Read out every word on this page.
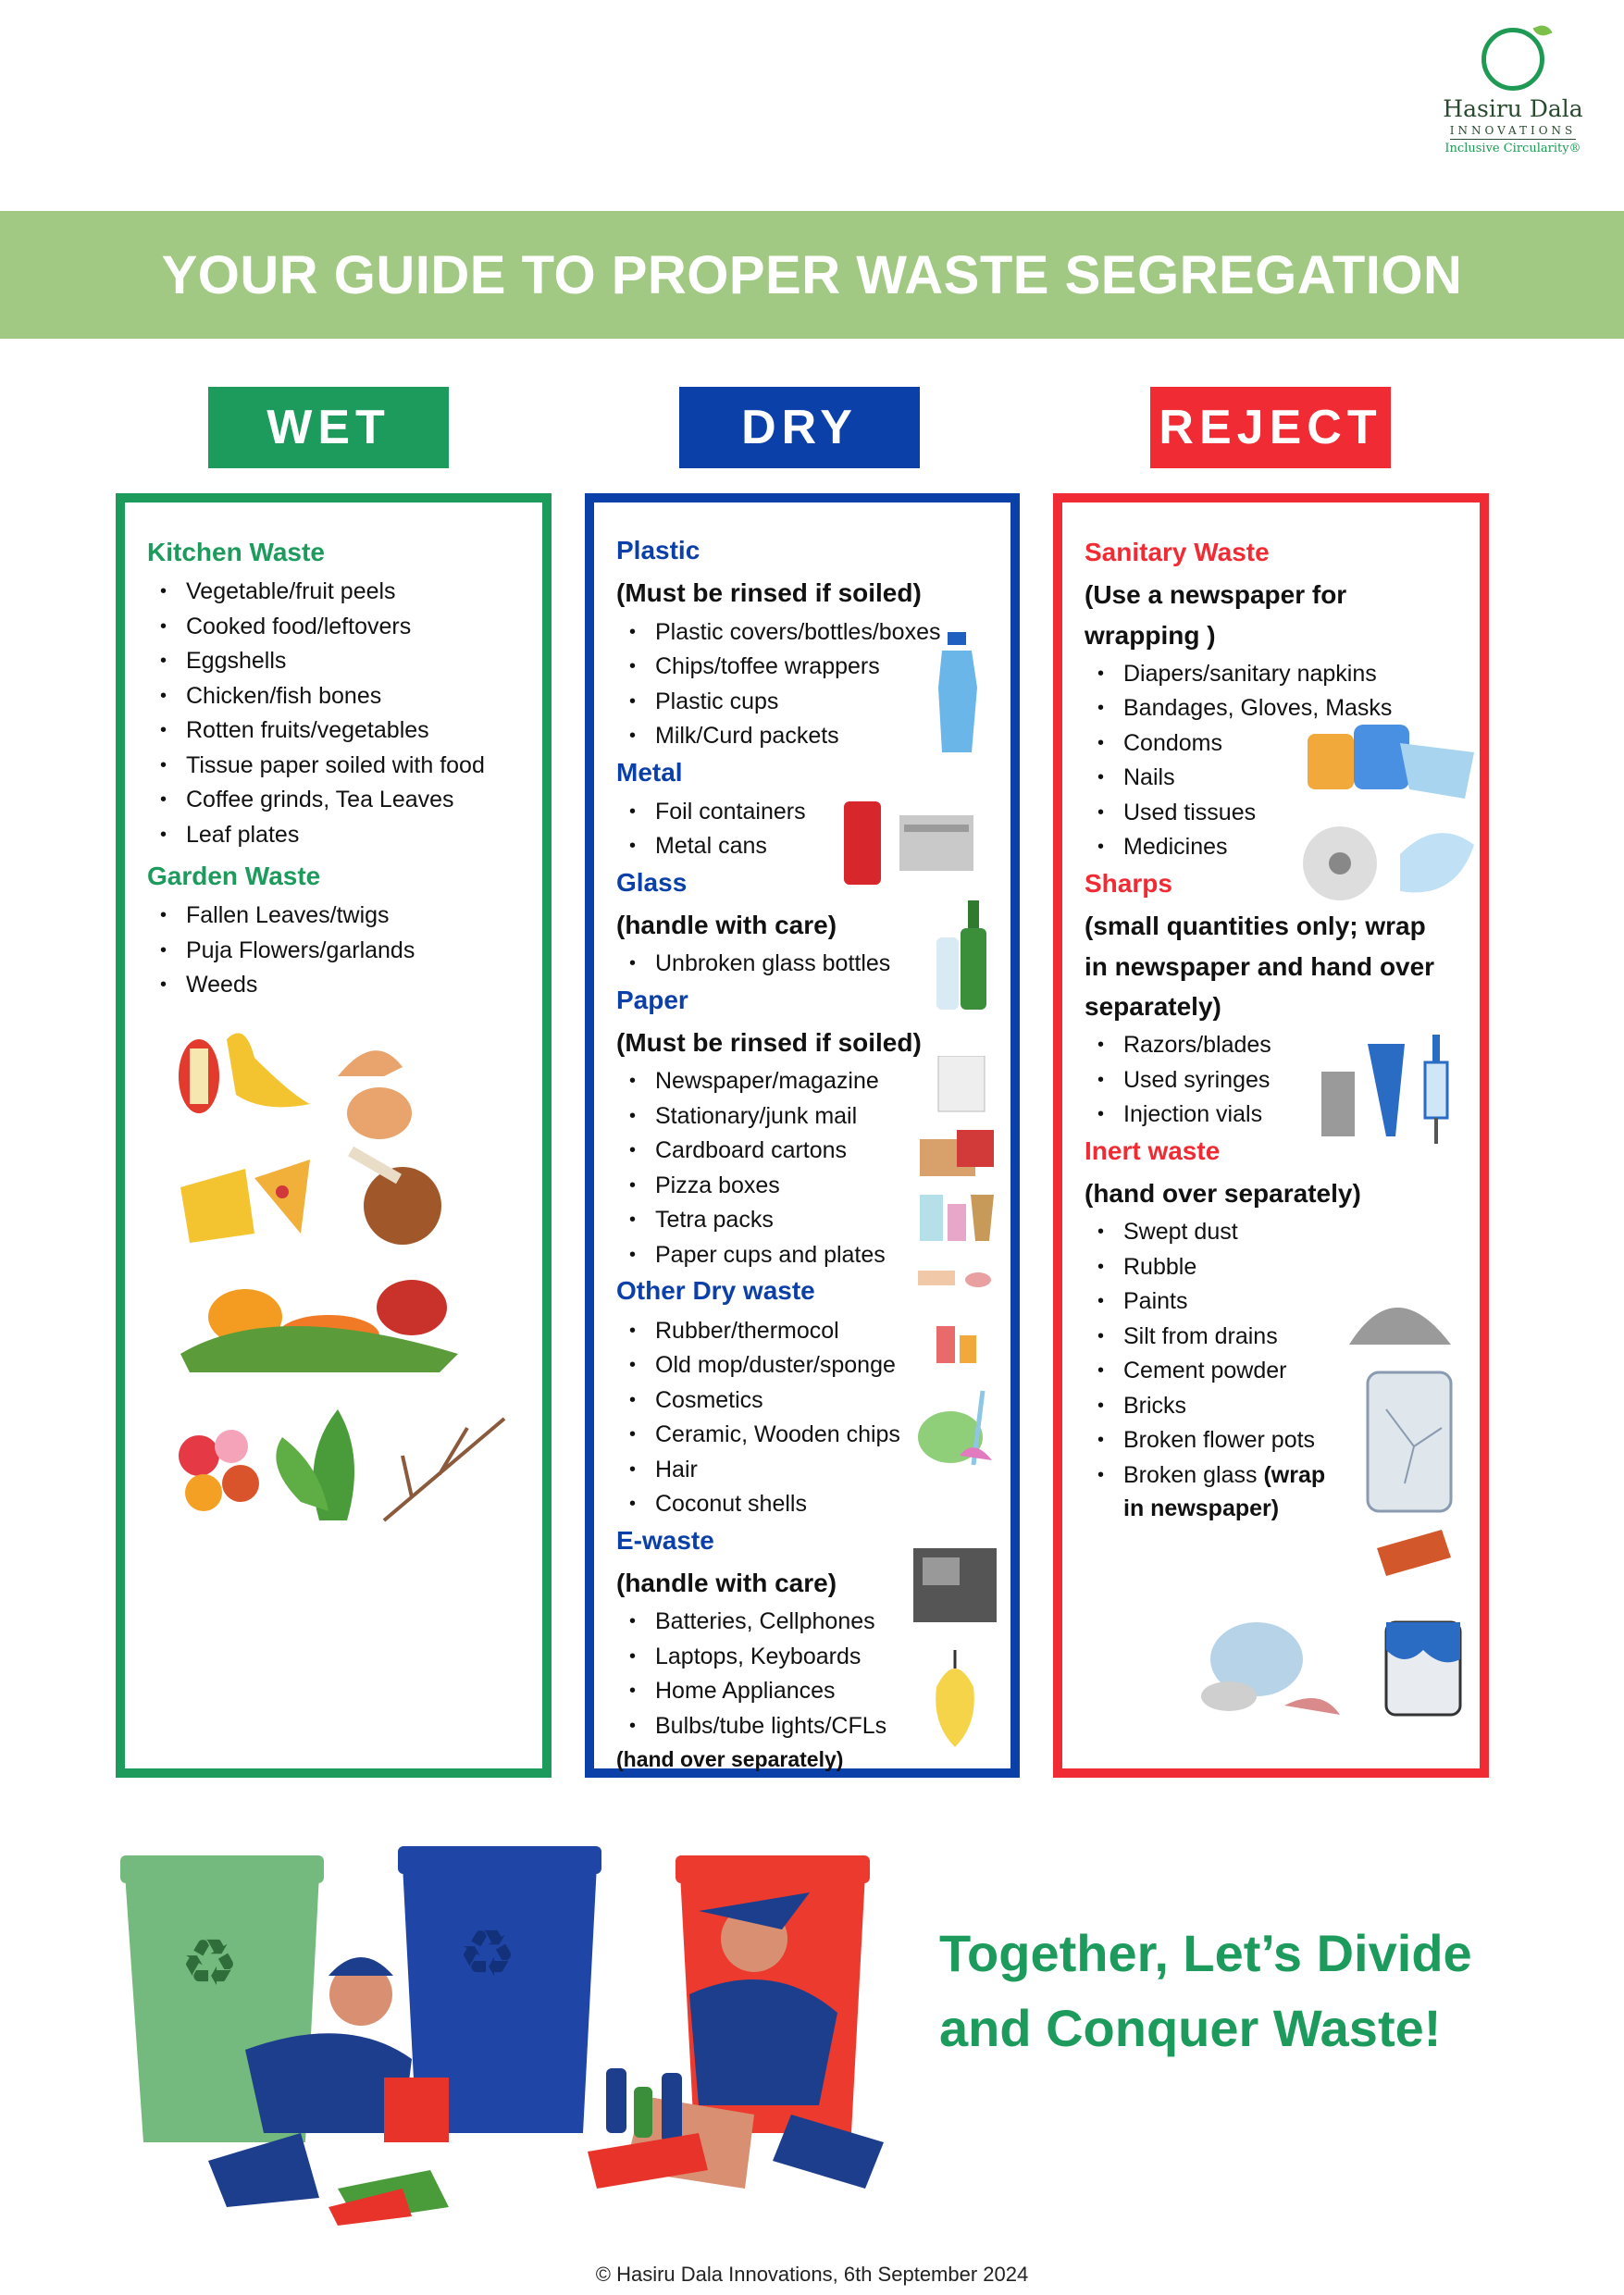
Hasiru Dala
INNOVATIONS
Inclusive Circularity®
YOUR GUIDE TO PROPER WASTE SEGREGATION
WET	DRY	REJECT
Kitchen Waste
• Vegetable/fruit peels
• Cooked food/leftovers
• Eggshells
• Chicken/fish bones
• Rotten fruits/vegetables
• Tissue paper soiled with food
• Coffee grinds, Tea Leaves
• Leaf plates
Garden Waste
• Fallen Leaves/twigs
• Puja Flowers/garlands
• Weeds
Plastic
(Must be rinsed if soiled)
• Plastic covers/bottles/boxes
• Chips/toffee wrappers
• Plastic cups
• Milk/Curd packets
Metal
• Foil containers
• Metal cans
Glass
(handle with care)
• Unbroken glass bottles
Paper
(Must be rinsed if soiled)
• Newspaper/magazine
• Stationary/junk mail
• Cardboard cartons
• Pizza boxes
• Tetra packs
• Paper cups and plates
Other Dry waste
• Rubber/thermocol
• Old mop/duster/sponge
• Cosmetics
• Ceramic, Wooden chips
• Hair
• Coconut shells
E-waste
(handle with care)
• Batteries, Cellphones
• Laptops, Keyboards
• Home Appliances
• Bulbs/tube lights/CFLs
(hand over separately)
Sanitary Waste
(Use a newspaper for wrapping )
• Diapers/sanitary napkins
• Bandages, Gloves, Masks
• Condoms
• Nails
• Used tissues
• Medicines
Sharps
(small quantities only; wrap in newspaper and hand over separately)
• Razors/blades
• Used syringes
• Injection vials
Inert waste
(hand over separately)
• Swept dust
• Rubble
• Paints
• Silt from drains
• Cement powder
• Bricks
• Broken flower pots
• Broken glass (wrap in newspaper)
♻	♻	Together, Let’s Divide
and Conquer Waste!
© Hasiru Dala Innovations, 6th September 2024
